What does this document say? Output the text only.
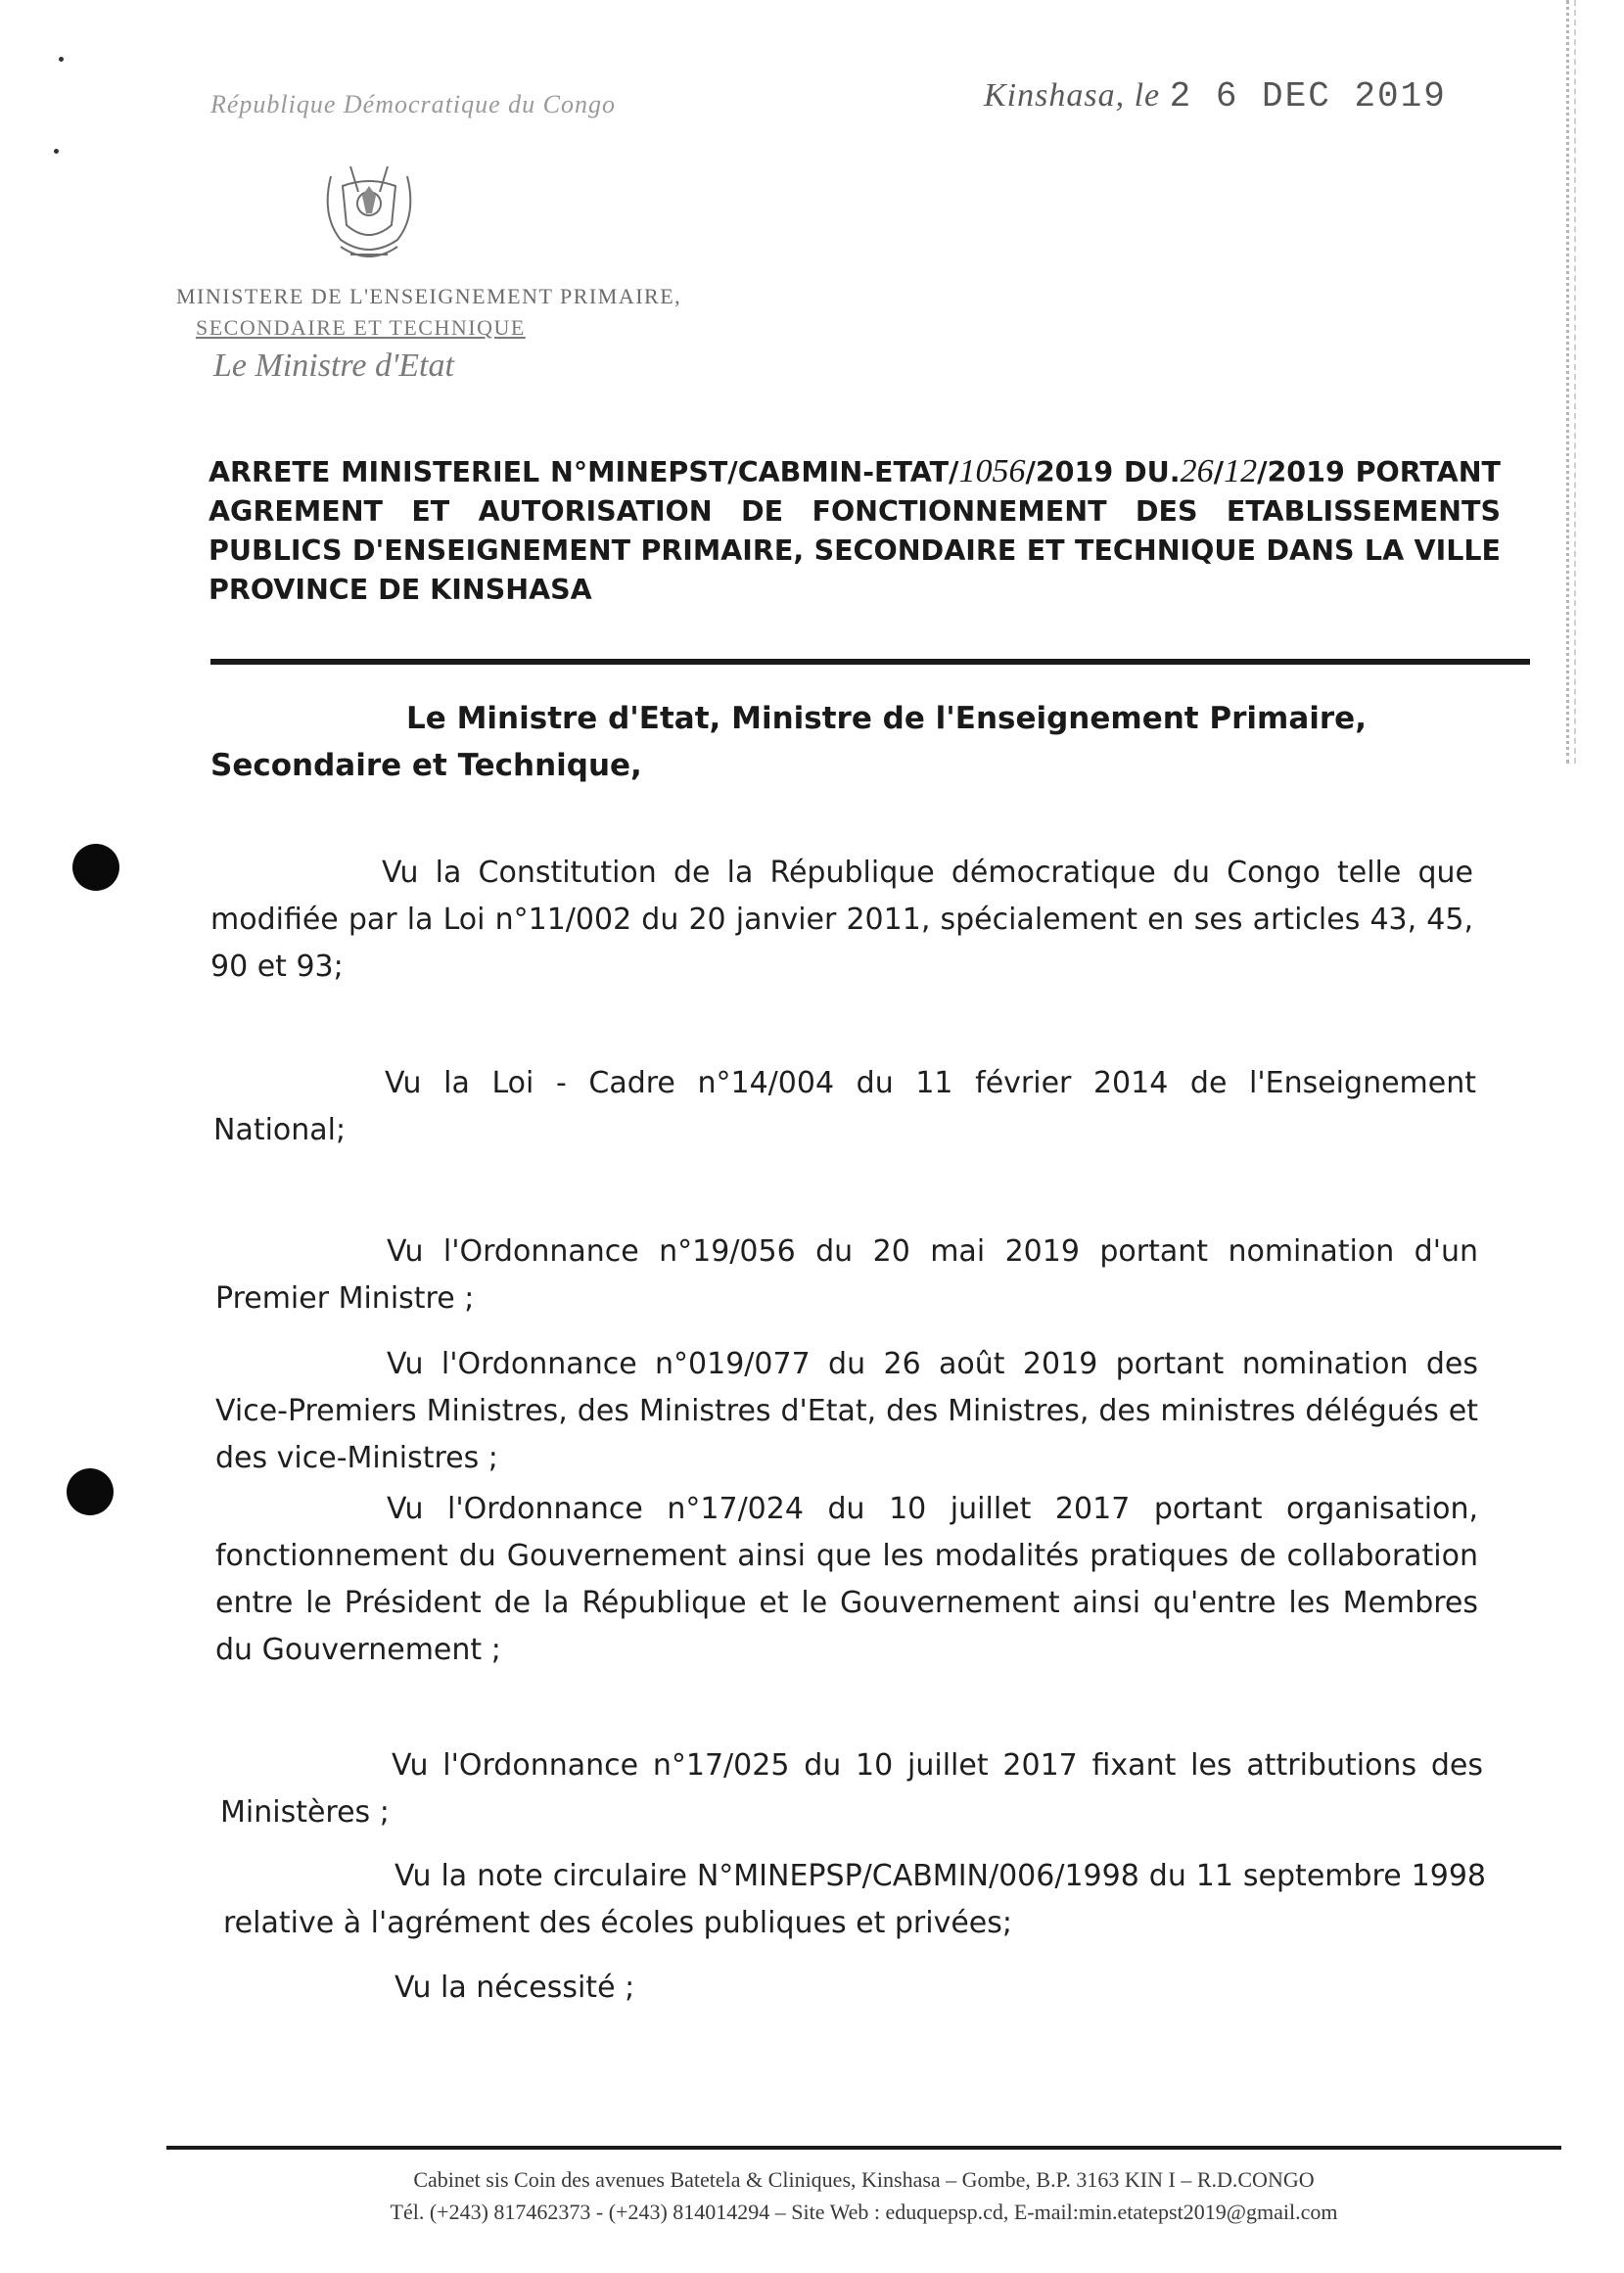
République Démocratique du Congo	Kinshasa, le 2 6 DEC 2019
MINISTERE DE L'ENSEIGNEMENT PRIMAIRE,
SECONDAIRE ET TECHNIQUE
Le Ministre d'Etat
ARRETE MINISTERIEL N°MINEPST/CABMIN-ETAT/1056/2019 DU.26/12/2019 PORTANT AGREMENT ET AUTORISATION DE FONCTIONNEMENT DES ETABLISSEMENTS PUBLICS D'ENSEIGNEMENT PRIMAIRE, SECONDAIRE ET TECHNIQUE DANS LA VILLE PROVINCE DE KINSHASA
Le Ministre d'Etat, Ministre de l'Enseignement Primaire, Secondaire et Technique,
Vu la Constitution de la République démocratique du Congo telle que modifiée par la Loi n°11/002 du 20 janvier 2011, spécialement en ses articles 43, 45, 90 et 93;
Vu la Loi - Cadre n°14/004 du 11 février 2014 de l'Enseignement National;
Vu l'Ordonnance n°19/056 du 20 mai 2019 portant nomination d'un Premier Ministre ;
Vu l'Ordonnance n°019/077 du 26 août 2019 portant nomination des Vice-Premiers Ministres, des Ministres d'Etat, des Ministres, des ministres délégués et des vice-Ministres ;
Vu l'Ordonnance n°17/024 du 10 juillet 2017 portant organisation, fonctionnement du Gouvernement ainsi que les modalités pratiques de collaboration entre le Président de la République et le Gouvernement ainsi qu'entre les Membres du Gouvernement ;
Vu l'Ordonnance n°17/025 du 10 juillet 2017 fixant les attributions des Ministères ;
Vu la note circulaire N°MINEPSP/CABMIN/006/1998 du 11 septembre 1998 relative à l'agrément des écoles publiques et privées;
Vu la nécessité ;
Cabinet sis Coin des avenues Batetela & Cliniques, Kinshasa – Gombe, B.P. 3163 KIN I – R.D.CONGO
Tél. (+243) 817462373 - (+243) 814014294 – Site Web : eduquepsp.cd, E-mail:min.etatepst2019@gmail.com
